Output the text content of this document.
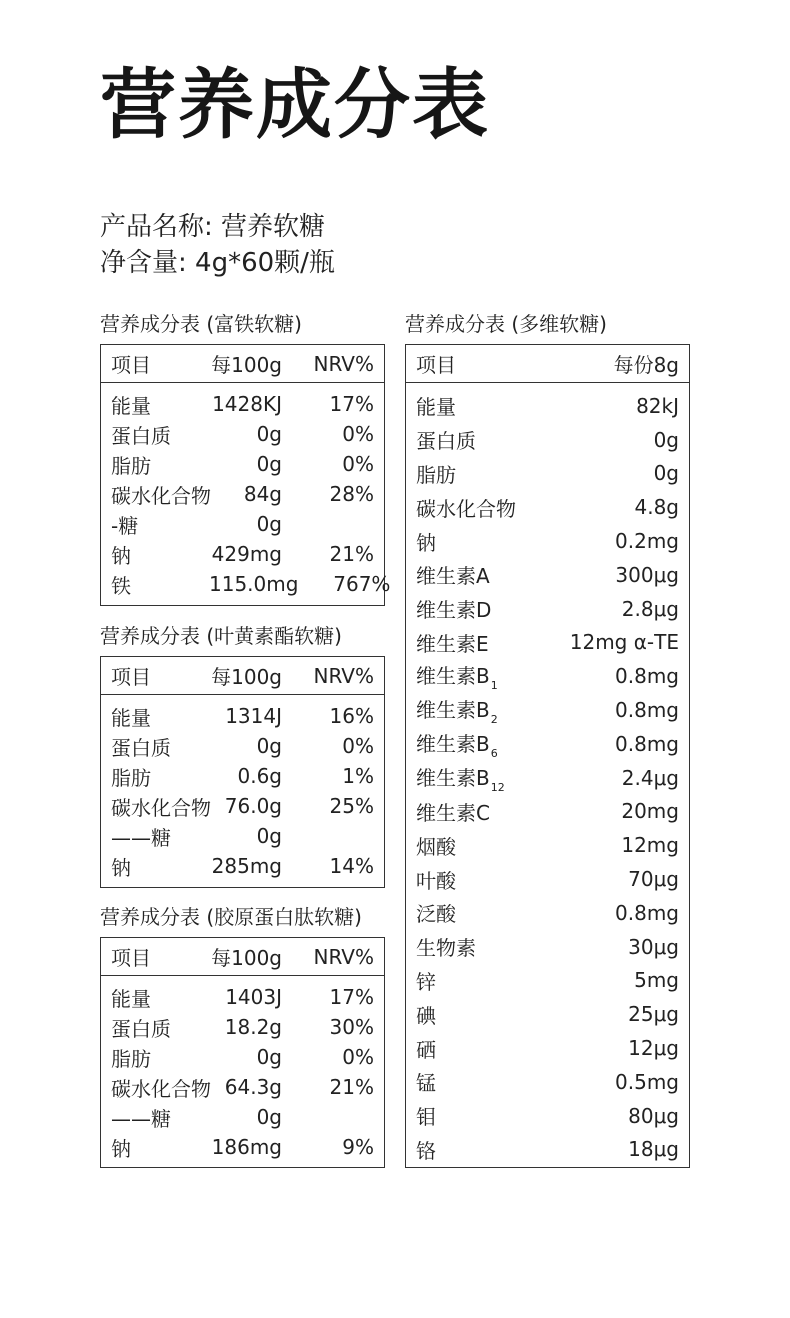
营养成分表
产品名称: 营养软糖
净含量: 4g*60颗/瓶
营养成分表 (富铁软糖)
项目	每100g	NRV%
能量	1428KJ	17%
蛋白质	0g	0%
脂肪	0g	0%
碳水化合物	84g	28%
-糖	0g
钠	429mg	21%
铁	115.0mg	767%
营养成分表 (叶黄素酯软糖)
项目	每100g	NRV%
能量	1314J	16%
蛋白质	0g	0%
脂肪	0.6g	1%
碳水化合物 76.0g	25%
——糖	0g
钠	285mg	14%
营养成分表 (胶原蛋白肽软糖)
项目	每100g	NRV%
能量	1403J	17%
蛋白质	18.2g	30%
脂肪	0g	0%
碳水化合物 64.3g	21%
——糖	0g
钠	186mg	9%
营养成分表 (多维软糖)
项目	每份8g
能量	82kJ
蛋白质	0g
脂肪	0g
碳水化合物	4.8g
钠	0.2mg
维生素A	300μg
维生素D	2.8μg
维生素E	12mg α-TE
维生素$B_1$	0.8mg
维生素$B_2$	0.8mg
维生素$B_6$	0.8mg
维生素$B_{12}$	2.4μg
维生素C	20mg
烟酸	12mg
叶酸	70μg
泛酸	0.8mg
生物素	30μg
锌	5mg
碘	25μg
硒	12μg
锰	0.5mg
钼	80μg
铬	18μg
